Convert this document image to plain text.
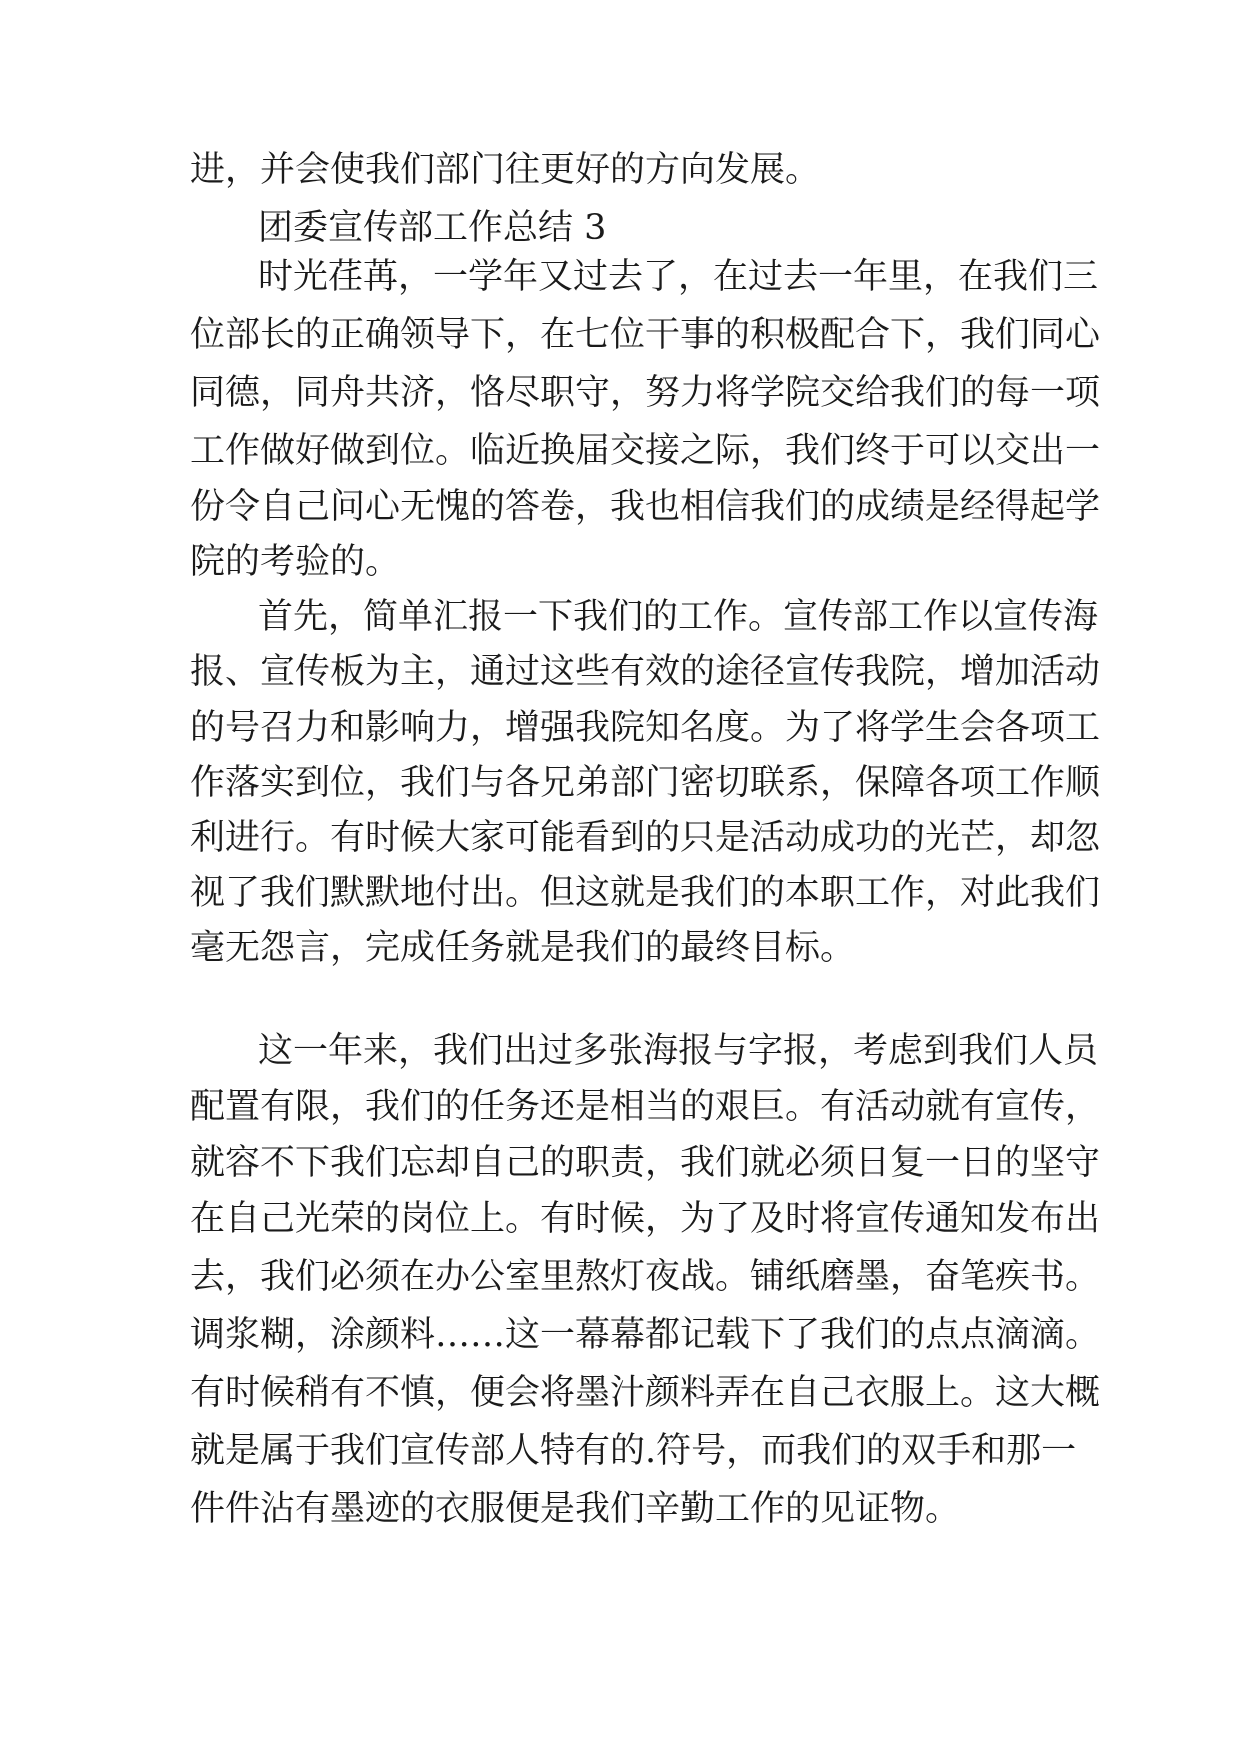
进，并会使我们部门往更好的方向发展。
团委宣传部工作总结 3
时光荏苒，一学年又过去了，在过去一年里，在我们三
位部长的正确领导下，在七位干事的积极配合下，我们同心
同德，同舟共济，恪尽职守，努力将学院交给我们的每一项
工作做好做到位。临近换届交接之际，我们终于可以交出一
份令自己问心无愧的答卷，我也相信我们的成绩是经得起学
院的考验的。
首先，简单汇报一下我们的工作。宣传部工作以宣传海
报、宣传板为主，通过这些有效的途径宣传我院，增加活动
的号召力和影响力，增强我院知名度。为了将学生会各项工
作落实到位，我们与各兄弟部门密切联系，保障各项工作顺
利进行。有时候大家可能看到的只是活动成功的光芒，却忽
视了我们默默地付出。但这就是我们的本职工作，对此我们
毫无怨言，完成任务就是我们的最终目标。
这一年来，我们出过多张海报与字报，考虑到我们人员
配置有限，我们的任务还是相当的艰巨。有活动就有宣传，
就容不下我们忘却自己的职责，我们就必须日复一日的坚守
在自己光荣的岗位上。有时候，为了及时将宣传通知发布出
去，我们必须在办公室里熬灯夜战。铺纸磨墨，奋笔疾书。
调浆糊，涂颜料……这一幕幕都记载下了我们的点点滴滴。
有时候稍有不慎，便会将墨汁颜料弄在自己衣服上。这大概
就是属于我们宣传部人特有的.符号，而我们的双手和那一
件件沾有墨迹的衣服便是我们辛勤工作的见证物。
